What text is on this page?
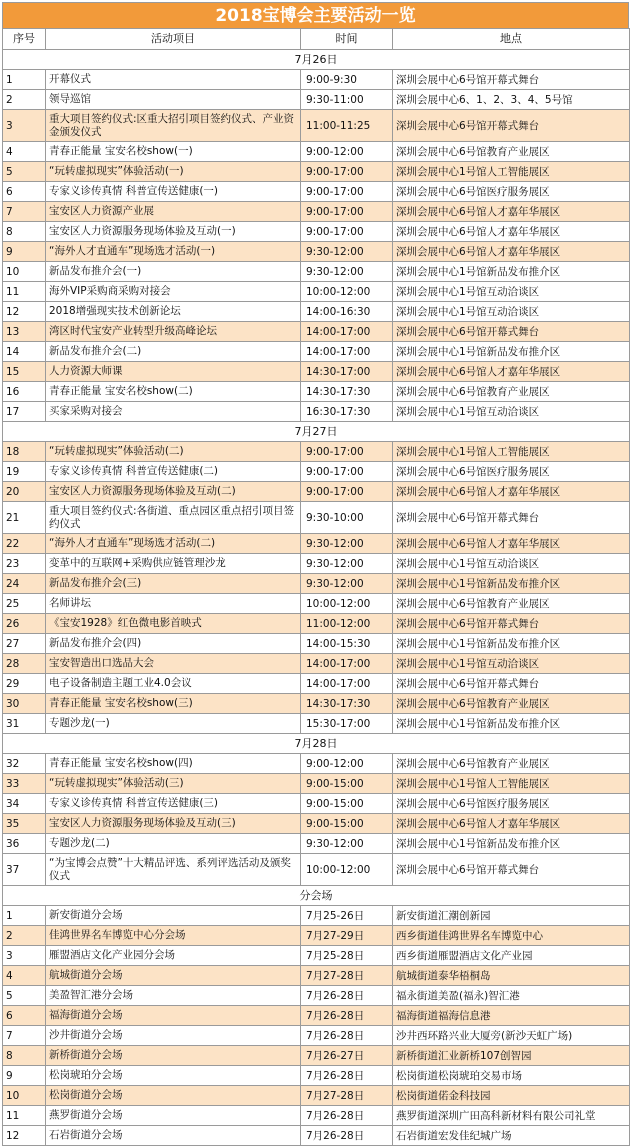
2018宝博会主要活动一览
序号	活动项目	时间	地点
7月26日			
1	开幕仪式	9:00-9:30	深圳会展中心6号馆开幕式舞台
2	领导巡馆	9:30-11:00	深圳会展中心6、1、2、3、4、5号馆
3	重大项目签约仪式:区重大招引项目签约仪式、产业资金颁发仪式	11:00-11:25	深圳会展中心6号馆开幕式舞台
4	青春正能量 宝安名校show(一)	9:00-12:00	深圳会展中心6号馆教育产业展区
5	“玩转虚拟现实”体验活动(一)	9:00-17:00	深圳会展中心1号馆人工智能展区
6	专家义诊传真情 科普宣传送健康(一)	9:00-17:00	深圳会展中心6号馆医疗服务展区
7	宝安区人力资源产业展	9:00-17:00	深圳会展中心6号馆人才嘉年华展区
8	宝安区人力资源服务现场体验及互动(一)	9:00-17:00	深圳会展中心6号馆人才嘉年华展区
9	“海外人才直通车”现场选才活动(一)	9:30-12:00	深圳会展中心6号馆人才嘉年华展区
10	新品发布推介会(一)	9:30-12:00	深圳会展中心1号馆新品发布推介区
11	海外VIP采购商采购对接会	10:00-12:00	深圳会展中心1号馆互动洽谈区
12	2018增强现实技术创新论坛	14:00-16:30	深圳会展中心1号馆互动洽谈区
13	湾区时代宝安产业转型升级高峰论坛	14:00-17:00	深圳会展中心6号馆开幕式舞台
14	新品发布推介会(二)	14:00-17:00	深圳会展中心1号馆新品发布推介区
15	人力资源大师课	14:30-17:00	深圳会展中心6号馆人才嘉年华展区
16	青春正能量 宝安名校show(二)	14:30-17:30	深圳会展中心6号馆教育产业展区
17	买家采购对接会	16:30-17:30	深圳会展中心1号馆互动洽谈区
7月27日			
18	“玩转虚拟现实”体验活动(二)	9:00-17:00	深圳会展中心1号馆人工智能展区
19	专家义诊传真情 科普宣传送健康(二)	9:00-17:00	深圳会展中心6号馆医疗服务展区
20	宝安区人力资源服务现场体验及互动(二)	9:00-17:00	深圳会展中心6号馆人才嘉年华展区
21	重大项目签约仪式:各街道、重点园区重点招引项目签约仪式	9:30-10:00	深圳会展中心6号馆开幕式舞台
22	“海外人才直通车”现场选才活动(二)	9:30-12:00	深圳会展中心6号馆人才嘉年华展区
23	变革中的互联网+采购供应链管理沙龙	9:30-12:00	深圳会展中心1号馆互动洽谈区
24	新品发布推介会(三)	9:30-12:00	深圳会展中心1号馆新品发布推介区
25	名师讲坛	10:00-12:00	深圳会展中心6号馆教育产业展区
26	《宝安1928》红色微电影首映式	11:00-12:00	深圳会展中心6号馆开幕式舞台
27	新品发布推介会(四)	14:00-15:30	深圳会展中心1号馆新品发布推介区
28	宝安智造出口选品大会	14:00-17:00	深圳会展中心1号馆互动洽谈区
29	电子设备制造主题工业4.0会议	14:00-17:00	深圳会展中心6号馆开幕式舞台
30	青春正能量 宝安名校show(三)	14:30-17:30	深圳会展中心6号馆教育产业展区
31	专题沙龙(一)	15:30-17:00	深圳会展中心1号馆新品发布推介区
7月28日			
32	青春正能量 宝安名校show(四)	9:00-12:00	深圳会展中心6号馆教育产业展区
33	“玩转虚拟现实”体验活动(三)	9:00-15:00	深圳会展中心1号馆人工智能展区
34	专家义诊传真情 科普宣传送健康(三)	9:00-15:00	深圳会展中心6号馆医疗服务展区
35	宝安区人力资源服务现场体验及互动(三)	9:00-15:00	深圳会展中心6号馆人才嘉年华展区
36	专题沙龙(二)	9:30-12:00	深圳会展中心1号馆新品发布推介区
37	“为宝博会点赞”十大精品评选、系列评选活动及颁奖仪式	10:00-12:00	深圳会展中心6号馆开幕式舞台
分会场			
1	新安街道分会场	7月25-26日	新安街道汇潮创新园
2	佳鸿世界名车博览中心分会场	7月27-29日	西乡街道佳鸿世界名车博览中心
3	雁盟酒店文化产业园分会场	7月25-28日	西乡街道雁盟酒店文化产业园
4	航城街道分会场	7月27-28日	航城街道泰华梧桐岛
5	美盈智汇港分会场	7月26-28日	福永街道美盈(福永)智汇港
6	福海街道分会场	7月26-28日	福海街道福海信息港
7	沙井街道分会场	7月26-28日	沙井西环路兴业大厦旁(新沙天虹广场)
8	新桥街道分会场	7月26-27日	新桥街道汇业新桥107创智园
9	松岗琥珀分会场	7月26-28日	松岗街道松岗琥珀交易市场
10	松岗街道分会场	7月27-28日	松岗街道偌金科技园
11	燕罗街道分会场	7月26-28日	燕罗街道深圳广田高科新材料有限公司礼堂
12	石岩街道分会场	7月26-28日	石岩街道宏发佳纪城广场
